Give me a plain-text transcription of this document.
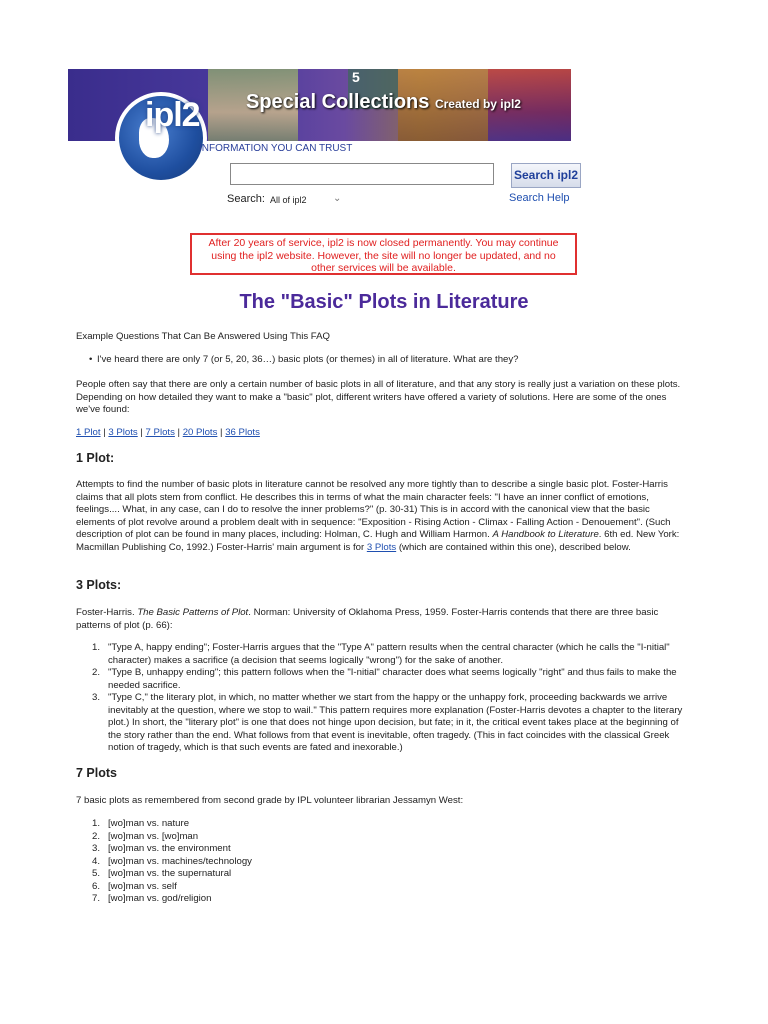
5
Special Collections Created by ipl2
ipl2
INFORMATION YOU CAN TRUST
Search ipl2
Search: All of ipl2	⌄	Search Help
After 20 years of service, ipl2 is now closed permanently. You may continue using the ipl2 website. However, the site will no longer be updated, and no other services will be available.
The "Basic" Plots in Literature

Example Questions That Can Be Answered Using This FAQ

• I've heard there are only 7 (or 5, 20, 36…) basic plots (or themes) in all of literature. What are they?

People often say that there are only a certain number of basic plots in all of literature, and that any story is really just a variation on these plots. Depending on how detailed they want to make a "basic" plot, different writers have offered a variety of solutions. Here are some of the ones we've found:

1 Plot | 3 Plots | 7 Plots | 20 Plots | 36 Plots

1 Plot:

Attempts to find the number of basic plots in literature cannot be resolved any more tightly than to describe a single basic plot. Foster-Harris claims that all plots stem from conflict. He describes this in terms of what the main character feels: "I have an inner conflict of emotions, feelings.... What, in any case, can I do to resolve the inner problems?" (p. 30-31) This is in accord with the canonical view that the basic elements of plot revolve around a problem dealt with in sequence: "Exposition - Rising Action - Climax - Falling Action - Denouement". (Such description of plot can be found in many places, including: Holman, C. Hugh and William Harmon. A Handbook to Literature. 6th ed. New York: Macmillan Publishing Co, 1992.) Foster-Harris' main argument is for 3 Plots (which are contained within this one), described below.

3 Plots:

Foster-Harris. The Basic Patterns of Plot. Norman: University of Oklahoma Press, 1959. Foster-Harris contends that there are three basic patterns of plot (p. 66):

1. "Type A, happy ending"; Foster-Harris argues that the "Type A" pattern results when the central character (which he calls the "I-nitial" character) makes a sacrifice (a decision that seems logically "wrong") for the sake of another.
2. "Type B, unhappy ending"; this pattern follows when the "I-nitial" character does what seems logically "right" and thus fails to make the needed sacrifice.
3. "Type C," the literary plot, in which, no matter whether we start from the happy or the unhappy fork, proceeding backwards we arrive inevitably at the question, where we stop to wail." This pattern requires more explanation (Foster-Harris devotes a chapter to the literary plot.) In short, the "literary plot" is one that does not hinge upon decision, but fate; in it, the critical event takes place at the beginning of the story rather than the end. What follows from that event is inevitable, often tragedy. (This in fact coincides with the classical Greek notion of tragedy, which is that such events are fated and inexorable.)
7 Plots

7 basic plots as remembered from second grade by IPL volunteer librarian Jessamyn West:

1. [wo]man vs. nature
2. [wo]man vs. [wo]man
3. [wo]man vs. the environment
4. [wo]man vs. machines/technology
5. [wo]man vs. the supernatural
6. [wo]man vs. self
7. [wo]man vs. god/religion
